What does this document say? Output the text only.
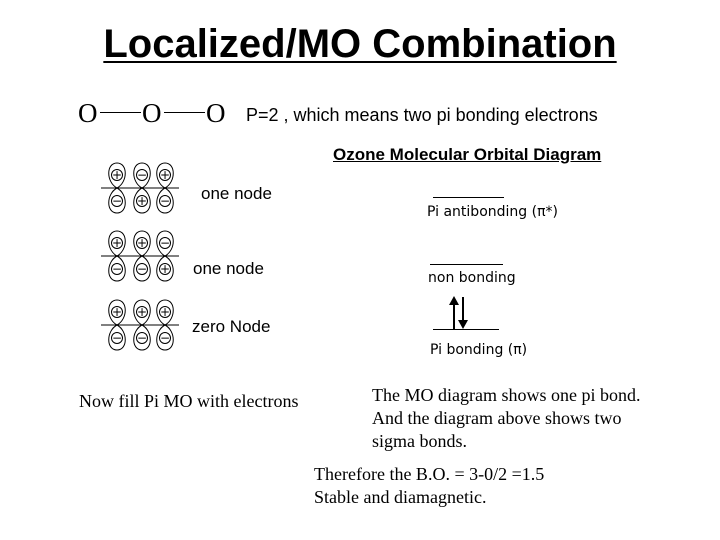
Localized/MO Combination
O O O P=2 , which means two pi bonding electrons
Ozone Molecular Orbital Diagram
+
−
−
+
+
−
+
−
+
−
−
+
+
−
+
−
+
−
one node
one node
zero Node
Pi antibonding (π*)
non bonding
Pi bonding (π)
Now fill Pi MO with electrons	The MO diagram shows one pi bond.
And the diagram above shows two
sigma bonds.
Therefore the B.O. = 3-0/2 =1.5
Stable and diamagnetic.
